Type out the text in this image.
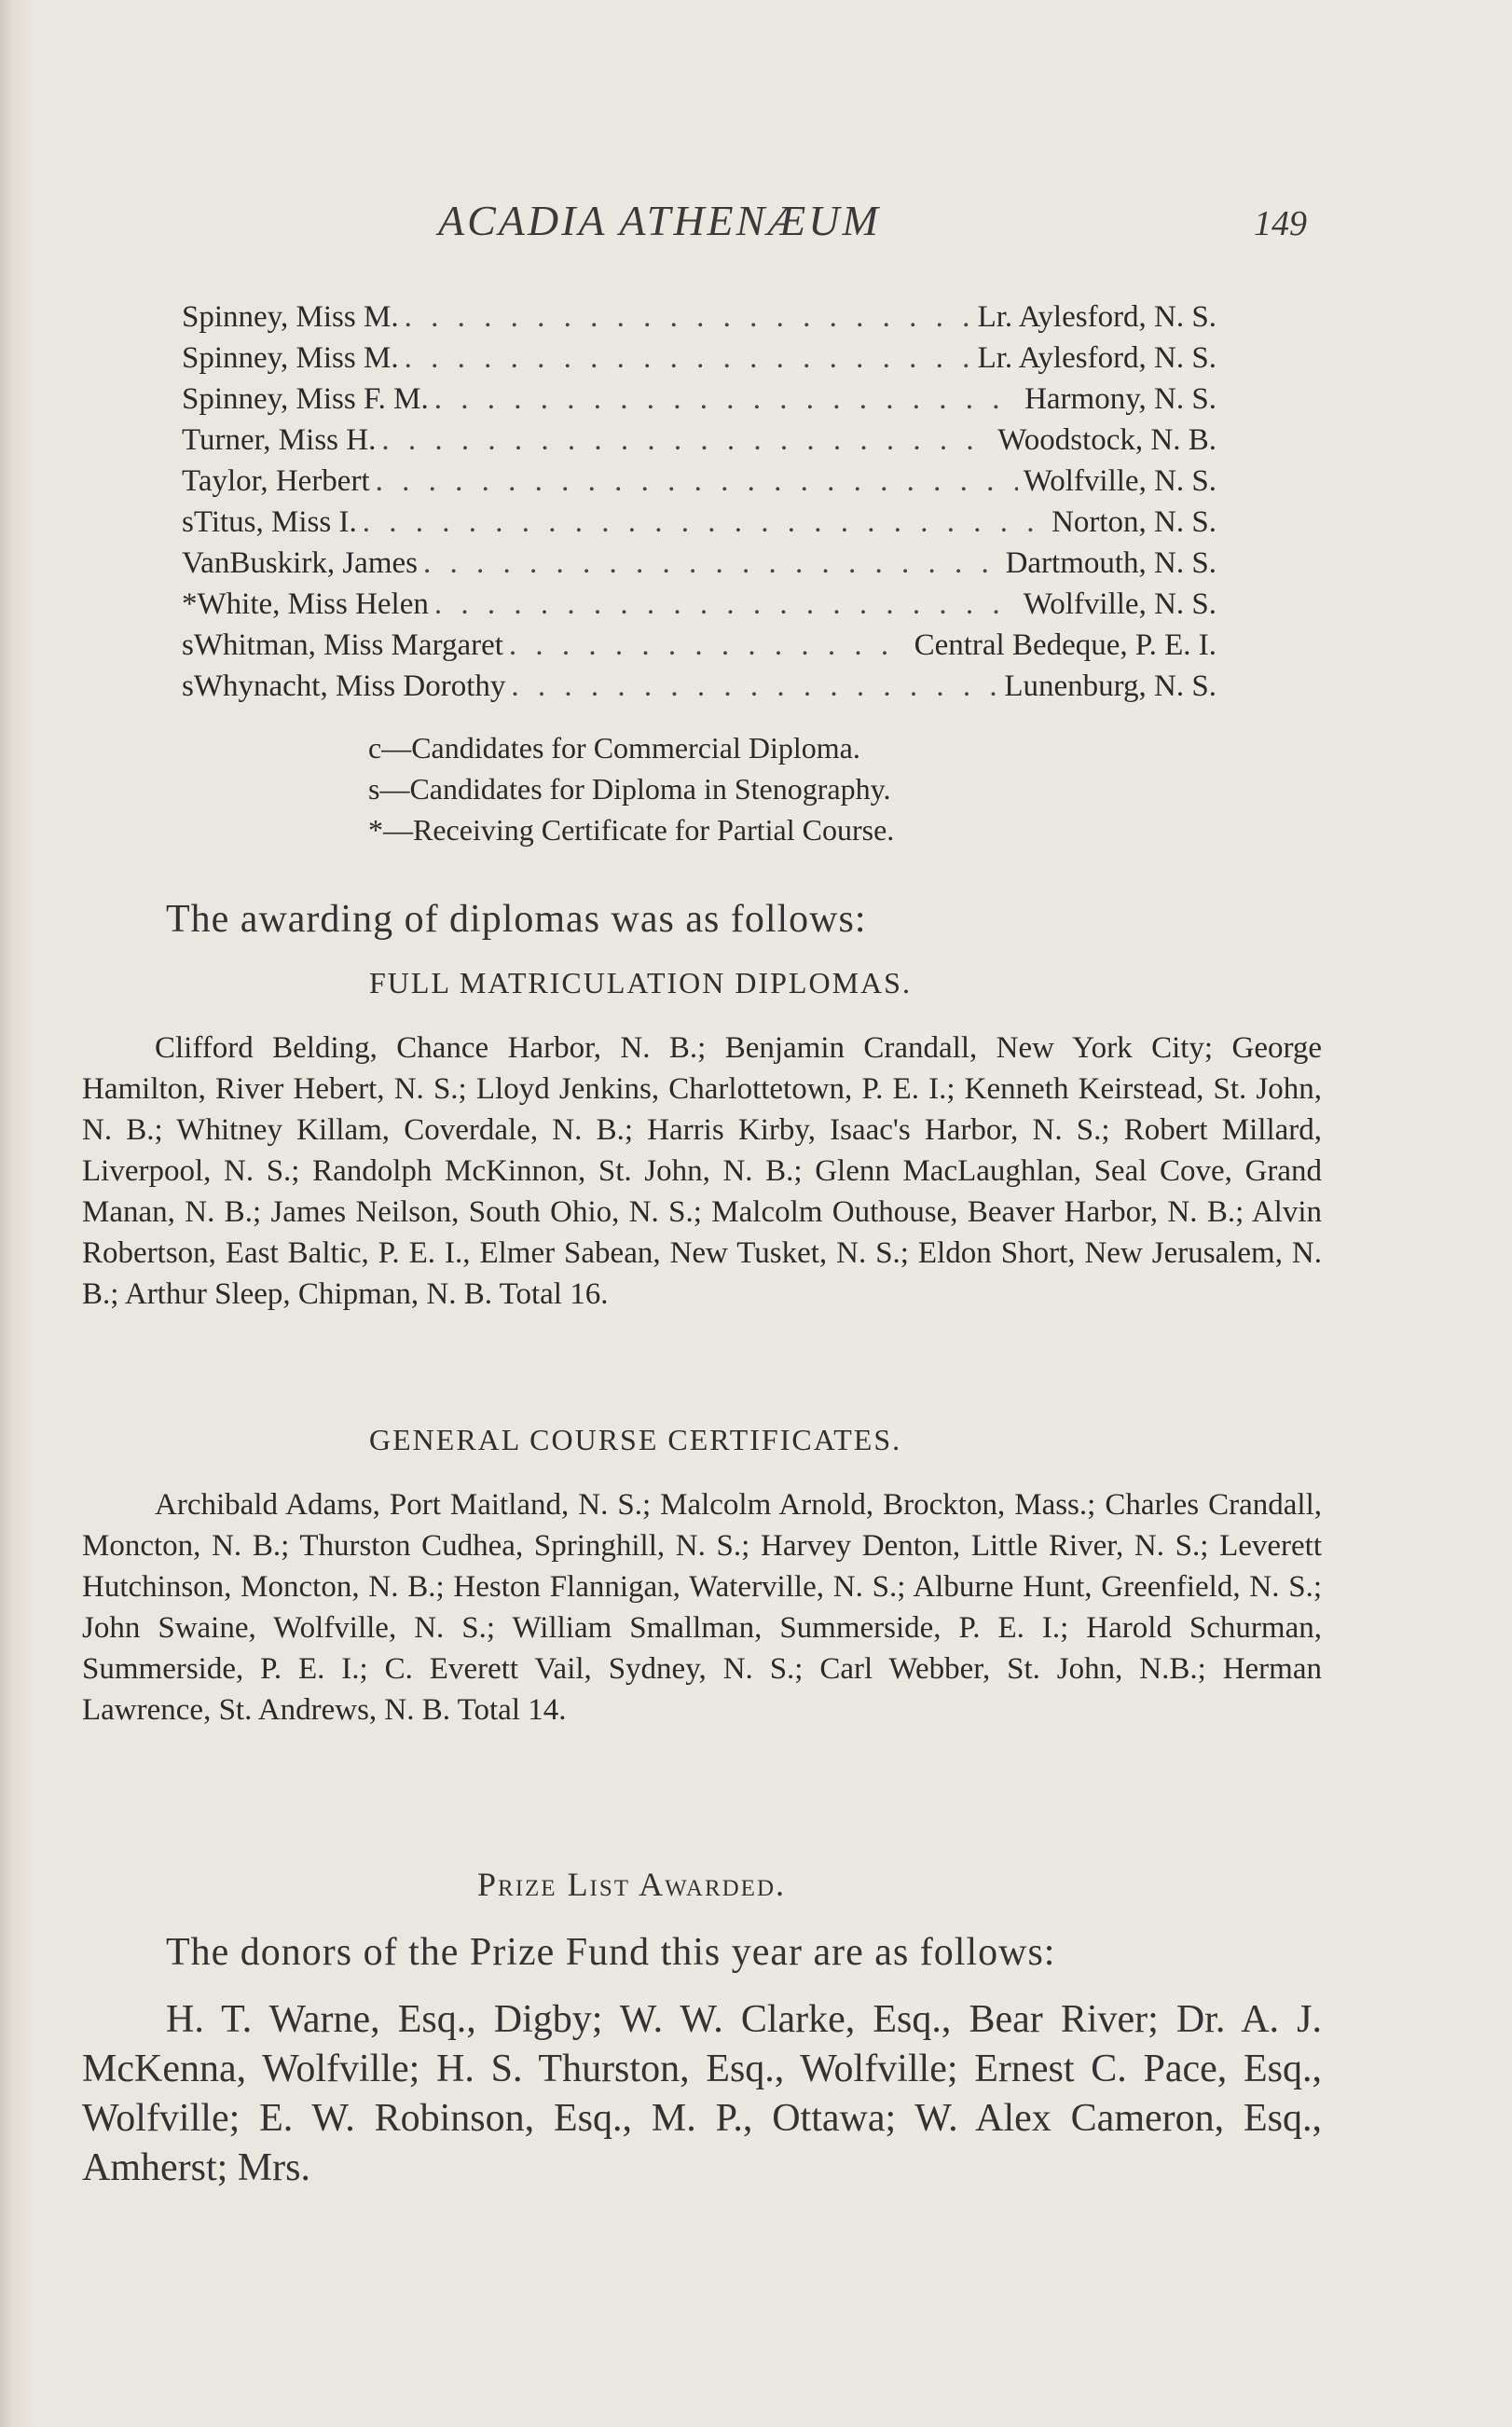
ACADIA ATHENÆUM	149
Spinney, Miss M. . . .	Lr. Aylesford, N. S.
Spinney, Miss M. . . .	Lr. Aylesford, N. S.
Spinney, Miss F. M. . . .	Harmony, N. S.
Turner, Miss H. . . .	Woodstock, N. B.
Taylor, Herbert . . .	Wolfville, N. S.
sTitus, Miss I. . . .	Norton, N. S.
VanBuskirk, James . . .	Dartmouth, N. S.
*White, Miss Helen . . .	Wolfville, N. S.
sWhitman, Miss Margaret . . .	Central Bedeque, P. E. I.
sWhynacht, Miss Dorothy . . .	Lunenburg, N. S.
c—Candidates for Commercial Diploma.
s—Candidates for Diploma in Stenography.
*—Receiving Certificate for Partial Course.
The awarding of diplomas was as follows:
FULL MATRICULATION DIPLOMAS.
Clifford Belding, Chance Harbor, N. B.; Benjamin Crandall, New York City; George Hamilton, River Hebert, N. S.; Lloyd Jenkins, Charlottetown, P. E. I.; Kenneth Keirstead, St. John, N. B.; Whitney Killam, Coverdale, N. B.; Harris Kirby, Isaac's Harbor, N. S.; Robert Millard, Liverpool, N. S.; Randolph McKinnon, St. John, N. B.; Glenn MacLaughlan, Seal Cove, Grand Manan, N. B.; James Neilson, South Ohio, N. S.; Malcolm Outhouse, Beaver Harbor, N. B.; Alvin Robertson, East Baltic, P. E. I., Elmer Sabean, New Tusket, N. S.; Eldon Short, New Jerusalem, N. B.; Arthur Sleep, Chipman, N. B. Total 16.
GENERAL COURSE CERTIFICATES.
Archibald Adams, Port Maitland, N. S.; Malcolm Arnold, Brockton, Mass.; Charles Crandall, Moncton, N. B.; Thurston Cudhea, Springhill, N. S.; Harvey Denton, Little River, N. S.; Leverett Hutchinson, Moncton, N. B.; Heston Flannigan, Waterville, N. S.; Alburne Hunt, Greenfield, N. S.; John Swaine, Wolfville, N. S.; William Smallman, Summerside, P. E. I.; Harold Schurman, Summerside, P. E. I.; C. Everett Vail, Sydney, N. S.; Carl Webber, St. John, N.B.; Herman Lawrence, St. Andrews, N. B. Total 14.
Prize List Awarded.
The donors of the Prize Fund this year are as follows:
H. T. Warne, Esq., Digby; W. W. Clarke, Esq., Bear River; Dr. A. J. McKenna, Wolfville; H. S. Thurston, Esq., Wolfville; Ernest C. Pace, Esq., Wolfville; E. W. Robinson, Esq., M. P., Ottawa; W. Alex Cameron, Esq., Amherst; Mrs.
